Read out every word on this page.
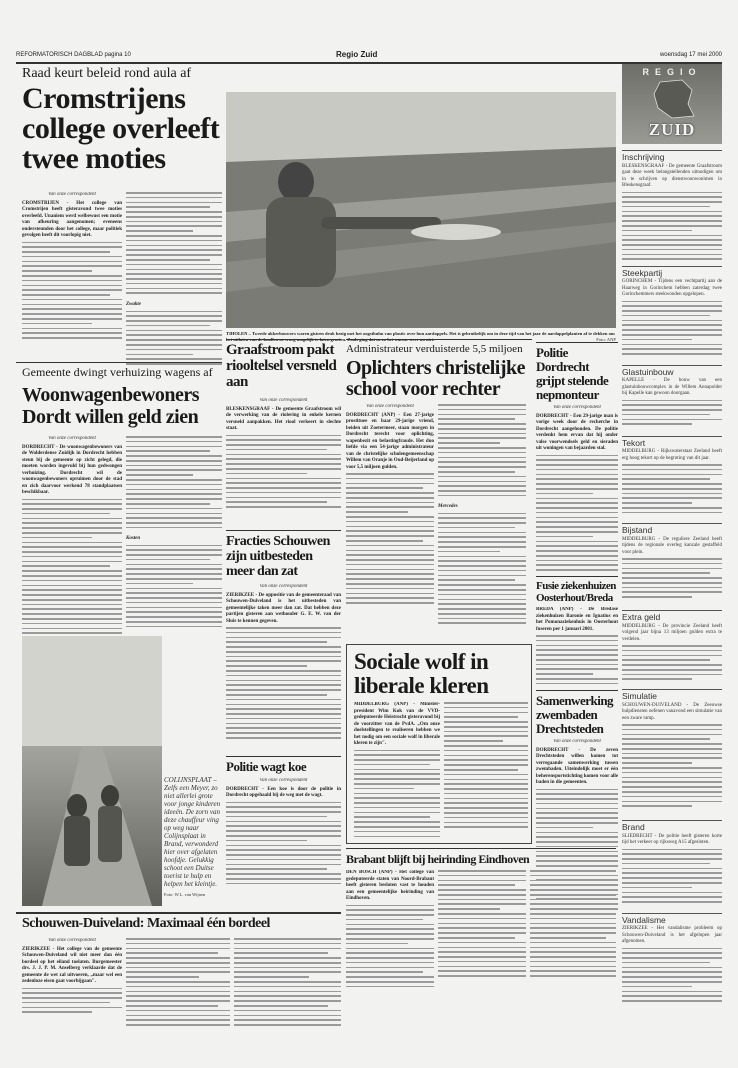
REFORMATORISCH DAGBLAD pagina 10	Regio Zuid	woensdag 17 mei 2000
Raad keurt beleid rond aula af
Cromstrijens college overleeft twee moties

Van onze correspondent

CROMSTRIJEN - Het college van Cromstrijen heeft gisteravond twee moties overleefd. Unaniem werd welbewust een motie van afkeuring aangenomen; eveneens ondersteunden door het college, maar politiek gevolgen heeft dit voorlopig niet.

Zwakte

TIHOLEN – Tweede akkerbouwers waren gistren druk bezig met het oogsthulm van plastic over hun aardappels. Het is gebruikelijk om in deze tijd van het jaar de aardappelplanten af te dekken om
Foto: ANP
Gemeente dwingt verhuizing wagens af
Woonwagenbewoners Dordt willen geld zien

Van onze correspondent

DORDRECHT - De woonwagenbewoners van de Wolderdense Zuidijk in Dordrecht hebben steun bij de gemeente op zicht gelegd, die moeten worden ingevuld bij hun gedwongen verhuizing. Dordrecht wil de woonwagenbewoners opruimen door de stad en zich daarvoor werkend 78 standplaatsen beschikbaar.

Kosten

COLIJNSPLAAT – Zelfs een Meyer, zo niet allerlei grote voor jonge kinderen ideeën. De zorn van deze chauffeur ving op weg naar Colijnsplaat in Brand, verwonderd hier over afgelaten hoofdje. Gelukkig schoot een Duitse toerist te hulp en helpen het kleintje.
Foto: W.L. van Wijnen
Graafstroom pakt riooltelsel versneld aan

Van onze correspondent

BLESKENSGRAAF - De gemeente Graafstroom wil de verwerking van de riolering in enkele kernen versneld aanpakken. Het riool verkeert in slechte staat.

Fracties Schouwen zijn uitbesteden meer dan zat

Van onze correspondent

ZIERIKZEE - De oppositie van de gemeenteraad van Schouwen-Duiveland is het uitbesteden van gemeentelijke taken meer dan zat. Dat hebben deze partijen gisteren aan wethouder G. E. W. van der Sluis te kennen gegeven.

Politie wagt koe

Van onze correspondent

DORDRECHT - Een koe is door de politie in Dordrecht opgehaald bij de weg met de wagt.

Administrateur verduisterde 5,5 miljoen
Oplichters christelijke school voor rechter

Van onze correspondent

DORDRECHT (ANP) - Een 27-jarige prostituee en haar 29-jarige vriend, beiden uit Zoetermeer, staan morgen in Dordrecht terecht voor oplichting, wapenbezit en belastingfraude. Het duo liefde via een 54-jarige administrateur van de christelijke scholengemeenschap Willem van Oranje in Oud-Beijerland op voor 5,5 miljoen gulden.

Mercedes

Sociale wolf in liberale kleren

MIDDELBURG (ANP) - Minister-president Wim Kok van de VVD-gedeputeerde Heistrocht gisteravond bij de voorzitter van de PvdA. „Om onze doelstellingen te realiseren hebben we het nodig om een sociale wolf in liberale kleren te zijn".

Brabant blijft bij heirinding Eindhoven

DEN BOSCH (ANP) - Het college van gedeputeerde staten van Noord-Brabant heeft gisteren besloten vast te houden aan een gemeentelijke heirinding van Eindhoven.

REGIO
ZUID
Inschrijving

BLESKENSGRAAF - De gemeente Graafstroom gaat deze week belangstellenden uitnodigen om in te schrijven op dienstwoonwonimen in Bleskensgraaf.

Steekpartij

GORINCHEM - Tijdens een vechtpartij aan de Haarweg in Gorinchem hebben zaterdag twee Gorinchemmers steekwonden opgelopen.

Glastuinbouw

KAPELLE - De bouw van een glastuinbouwcomplex in de Willem Annapolder bij Kapelle kan gewoon doorgaan.

Tekort

MIDDELBURG - Rijkswaterstaat Zeeland heeft erg hoog tekort op de begroting van dit jaar.

Bijstand

MIDDELBURG - De reguliere Zeeland heeft tijdens de regionale overleg kanzale gestaffeld voor plein.

Extra geld

MIDDELBURG - De provincie Zeeland heeft volgend jaar bijna 13 miljoen gulden extra te verdelen.

Simulatie

SCHOUWEN-DUIVELAND - De Zeeuwse hulpdiensten oefenen vanavond een simulatie van een zware ramp.

Brand

SLIEDRECHT - De politie heeft gisteren korte tijd het verkeer op rijksweg A15 afgesloten.

Vandalisme

ZIERIKZEE - Het vandalisme probleem op Schouwen-Duiveland is het afgelopen jaar afgenomen.

Schouwen-Duiveland: Maximaal één bordeel

Van onze correspondent

ZIERIKZEE - Het college van de gemeente Schouwen-Duiveland wil niet meer dan één bordeel op het eiland toelaten. Burgemeester drs. J. J. P. M. Anselberg verklaarde dat de gemeente de wet zal uitvoeren, „maar wel een zedenloze eisen gaat voorbijgaan".

Politie Dordrecht grijpt stelende nepmonteur

Van onze correspondent

DORDRECHT - Een 29-jarige man is vorige week door de recherche in Dordrecht aangehouden. De politie verdenkt hem ervan dat hij onder valse voorwendsels geld en sieraden uit woningen van bejaarden stal.

Fusie ziekenhuizen Oosterhout/Breda

BREDA (ANP) - De Bredase ziekenhuizen Baronie en Ignatius en het Pomonaziekenhuis in Oosterhout fuseren per 1 januari 2001.

Samenwerking zwembaden Drechtsteden

Van onze correspondent

DORDRECHT - De zeven Drechtsteden willen komen tot verregaande samenwerking tussen zwembaden. Uiteindelijk moet er één beherensportstichting komen voor alle baden in die gemeenten.
